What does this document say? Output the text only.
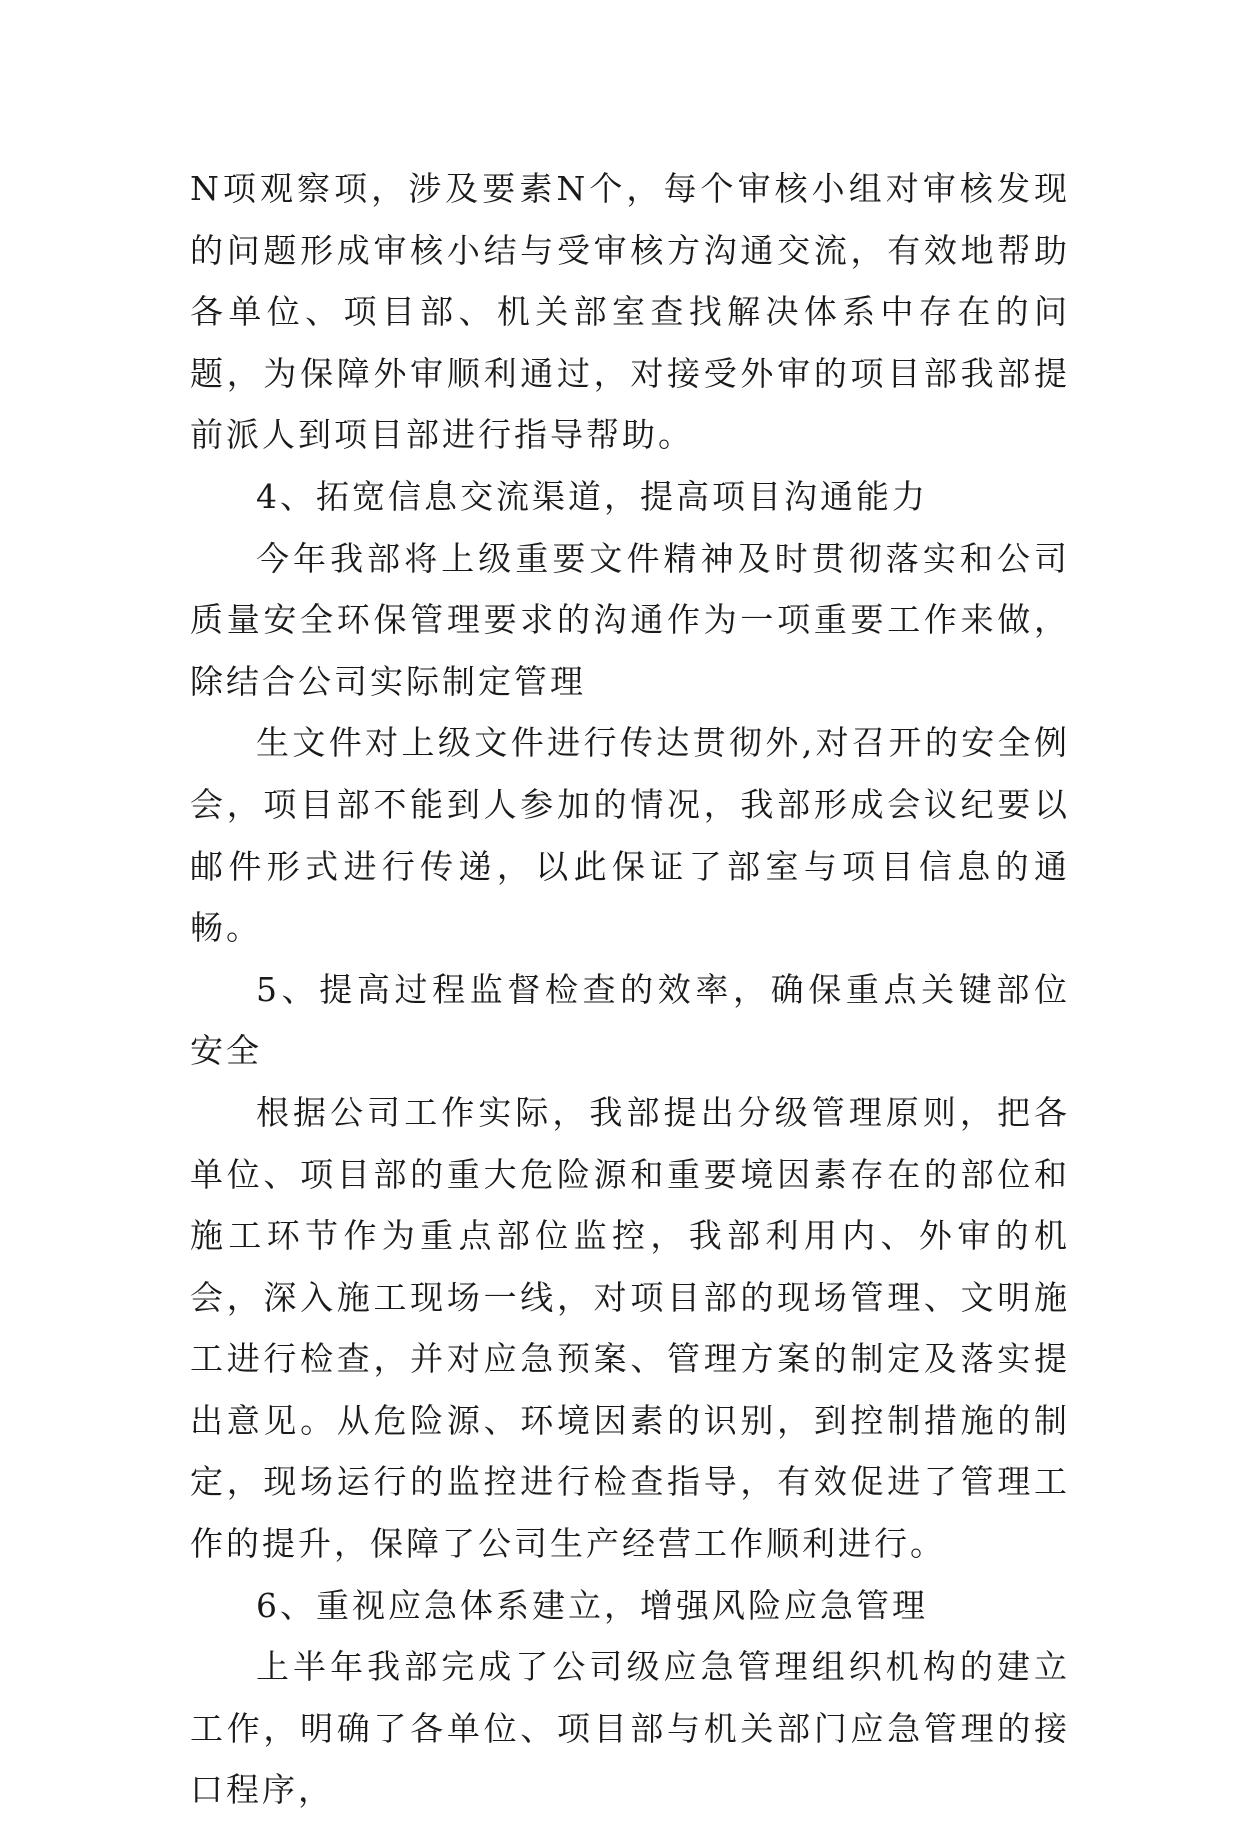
N项观察项，涉及要素N个，每个审核小组对审核发现的问题形成审核小结与受审核方沟通交流，有效地帮助各单位、项目部、机关部室查找解决体系中存在的问题，为保障外审顺利通过，对接受外审的项目部我部提前派人到项目部进行指导帮助。

4、拓宽信息交流渠道，提高项目沟通能力

今年我部将上级重要文件精神及时贯彻落实和公司质量安全环保管理要求的沟通作为一项重要工作来做，除结合公司实际制定管理

生文件对上级文件进行传达贯彻外,对召开的安全例会，项目部不能到人参加的情况，我部形成会议纪要以邮件形式进行传递，以此保证了部室与项目信息的通畅。

5、提高过程监督检查的效率，确保重点关键部位安全

根据公司工作实际，我部提出分级管理原则，把各单位、项目部的重大危险源和重要境因素存在的部位和施工环节作为重点部位监控，我部利用内、外审的机会，深入施工现场一线，对项目部的现场管理、文明施工进行检查，并对应急预案、管理方案的制定及落实提出意见。从危险源、环境因素的识别，到控制措施的制定，现场运行的监控进行检查指导，有效促进了管理工作的提升，保障了公司生产经营工作顺利进行。

6、重视应急体系建立，增强风险应急管理

上半年我部完成了公司级应急管理组织机构的建立工作，明确了各单位、项目部与机关部门应急管理的接口程序，
